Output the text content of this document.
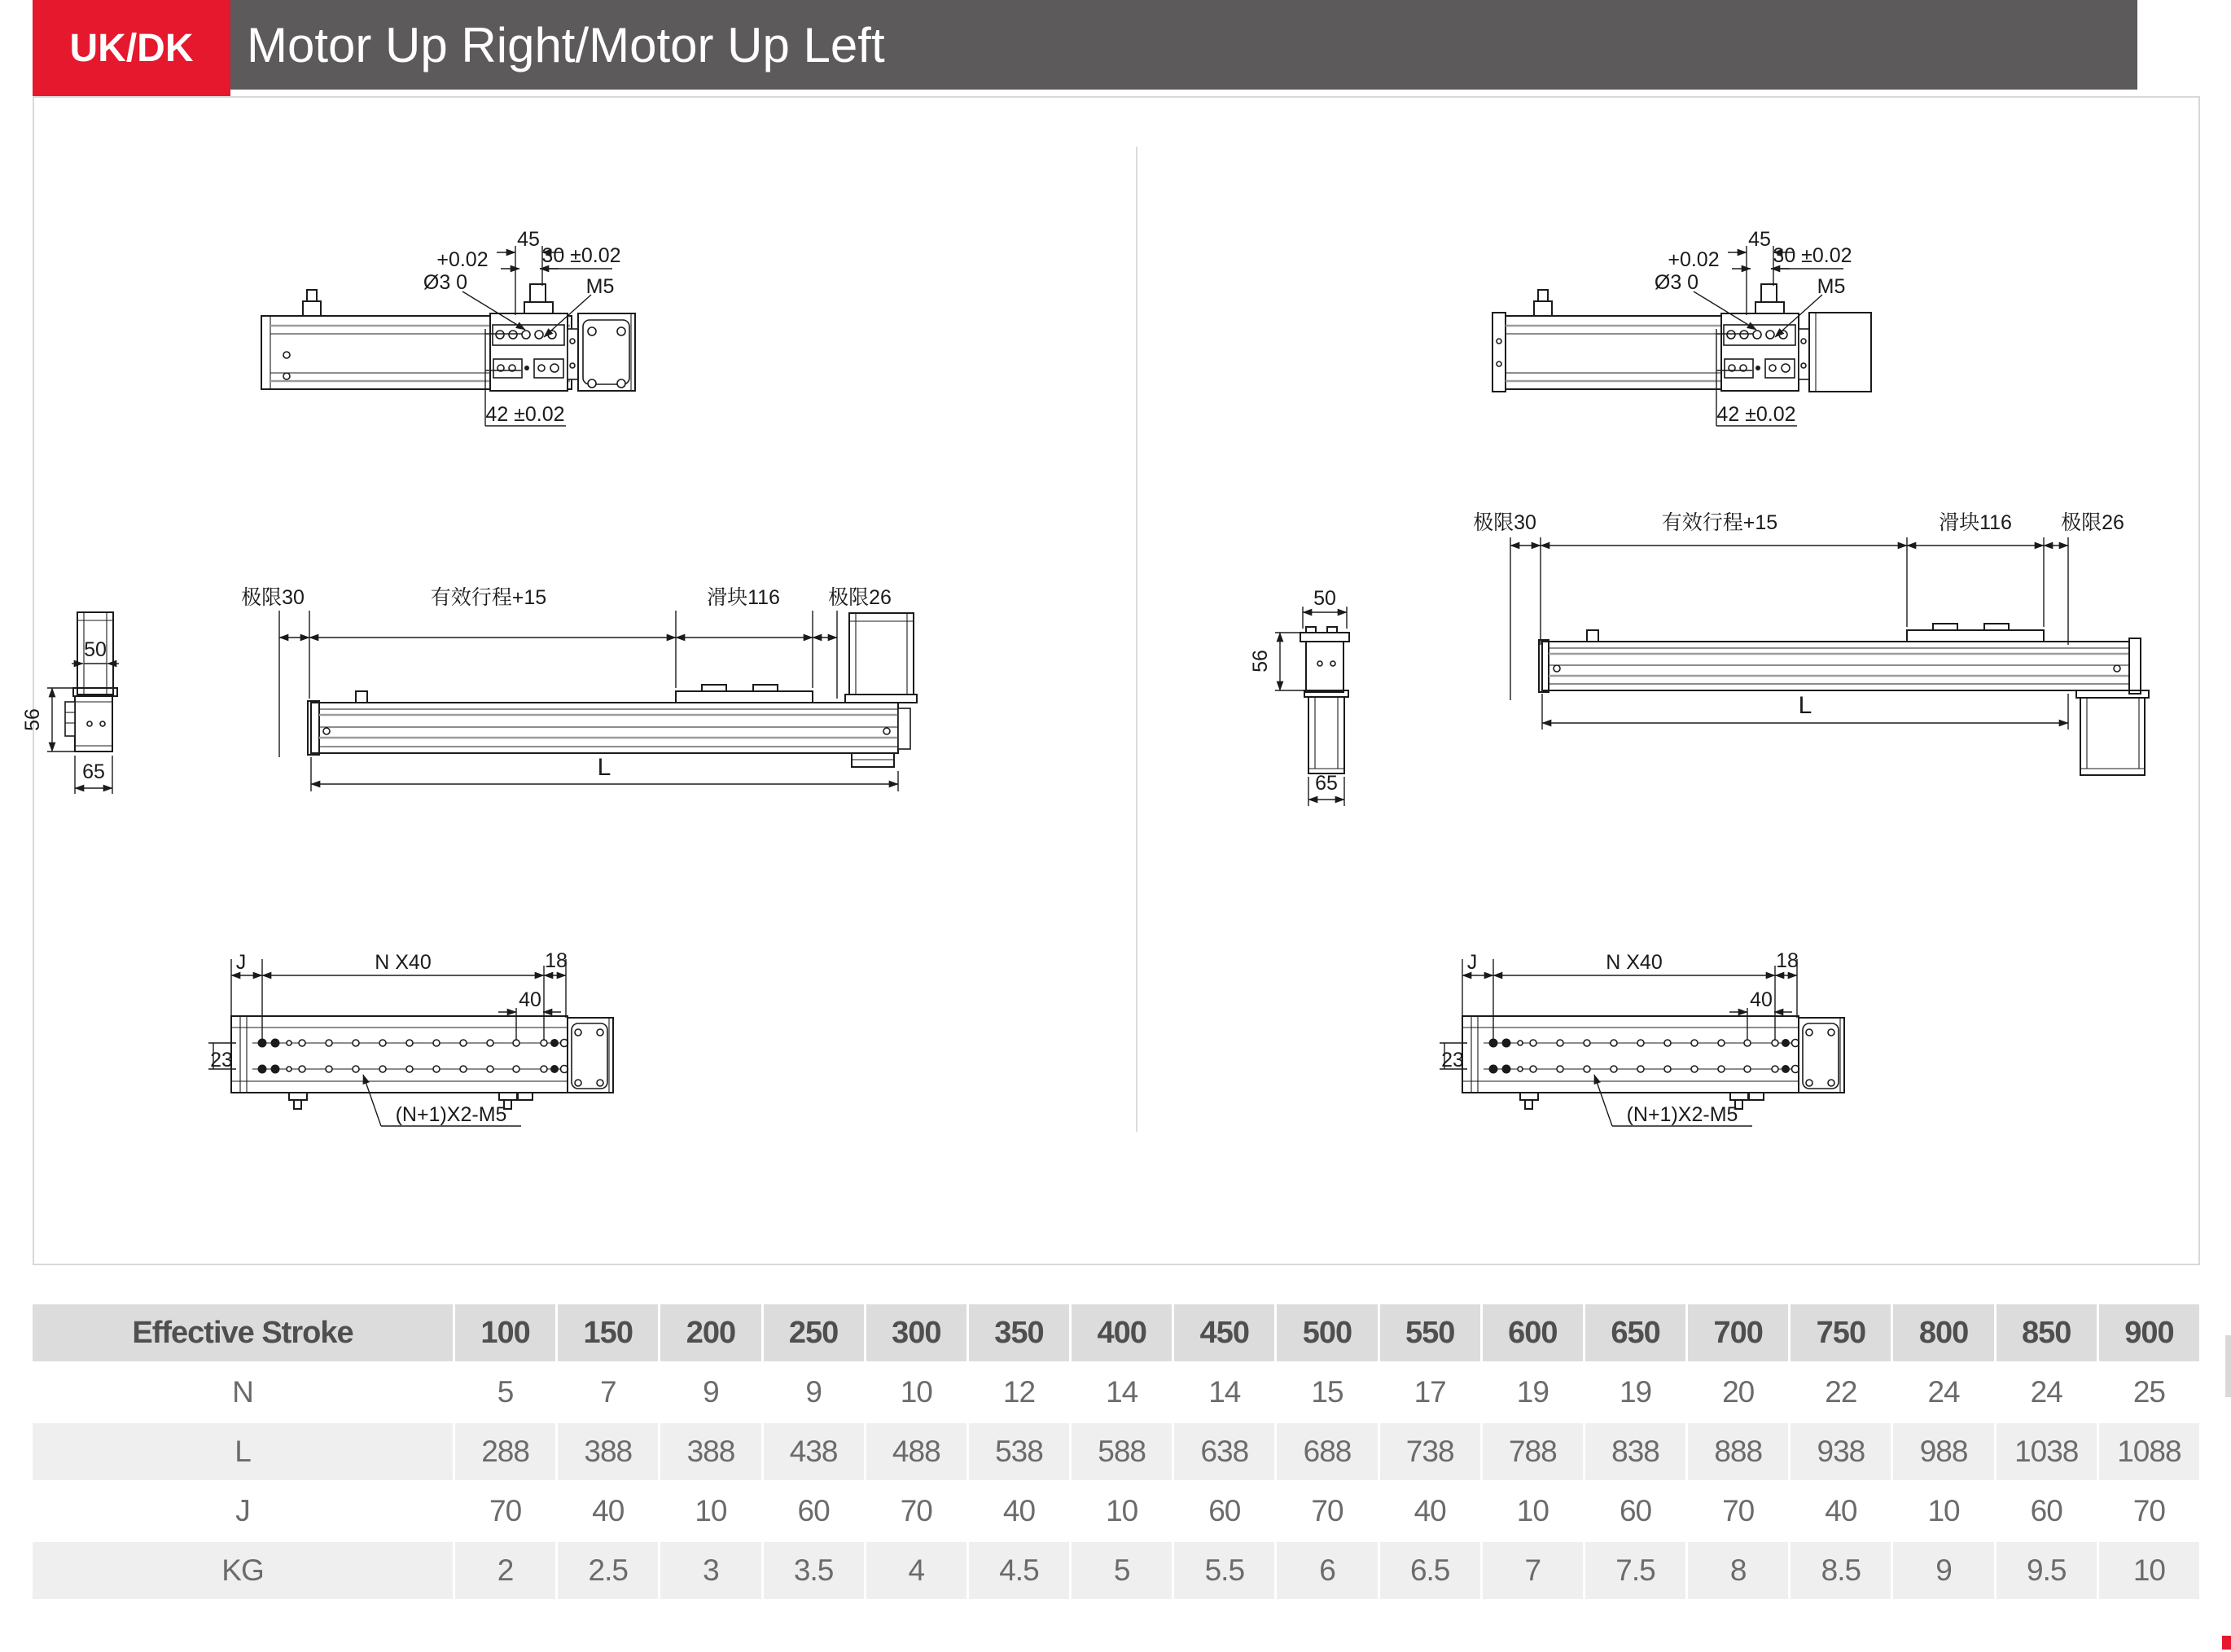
UK/DK Motor Up Right/Motor Up Left
45
30 ±0.02
+0.02
Ø3 0	M5
42 ±0.02
50
56
65
极限30	有效行程+15	滑块116 极限26
L
J	N X40	18
40
23
(N+1)X2-M5
45
30 ±0.02
+0.02
Ø3 0	M5
42 ±0.02
50
56
65
极限30	有效行程+15	滑块116 极限26
L
J	N X40	18
40
23
(N+1)X2-M5
Effective Stroke	100	150	200	250	300	350	400	450	500	550	600	650	700	750	800	850	900
N	5	7	9	9	10	12	14	14	15	17	19	19	20	22	24	24	25
L	288	388	388	438	488	538	588	638	688	738	788	838	888	938	988	1038	1088
J	70	40	10	60	70	40	10	60	70	40	10	60	70	40	10	60	70
KG	2	2.5	3	3.5	4	4.5	5	5.5	6	6.5	7	7.5	8	8.5	9	9.5	10
